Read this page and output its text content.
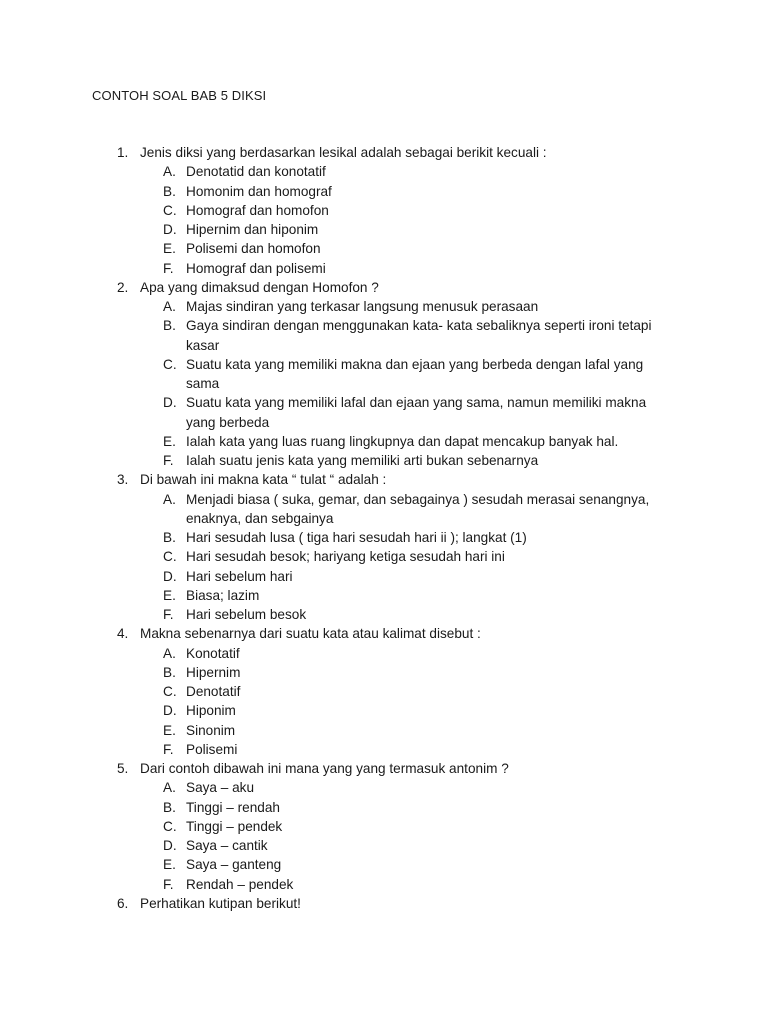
CONTOH SOAL BAB 5 DIKSI
1. Jenis diksi yang berdasarkan lesikal adalah sebagai berikit kecuali :
A. Denotatid dan konotatif
B. Homonim dan homograf
C. Homograf dan homofon
D. Hipernim dan hiponim
E. Polisemi dan homofon
F. Homograf dan polisemi
2. Apa yang dimaksud dengan Homofon ?
A. Majas sindiran yang terkasar langsung menusuk perasaan
B. Gaya sindiran dengan menggunakan kata- kata sebaliknya seperti ironi tetapi
kasar
C. Suatu kata yang memiliki makna dan ejaan yang berbeda dengan lafal yang
sama
D. Suatu kata yang memiliki lafal dan ejaan yang sama, namun memiliki makna
yang berbeda
E. Ialah kata yang luas ruang lingkupnya dan dapat mencakup banyak hal.
F. Ialah suatu jenis kata yang memiliki arti bukan sebenarnya
3. Di bawah ini makna kata “ tulat “ adalah :
A. Menjadi biasa ( suka, gemar, dan sebagainya ) sesudah merasai senangnya,
enaknya, dan sebgainya
B. Hari sesudah lusa ( tiga hari sesudah hari ii ); langkat (1)
C. Hari sesudah besok; hariyang ketiga sesudah hari ini
D. Hari sebelum hari
E. Biasa; lazim
F. Hari sebelum besok
4. Makna sebenarnya dari suatu kata atau kalimat disebut :
A. Konotatif
B. Hipernim
C. Denotatif
D. Hiponim
E. Sinonim
F. Polisemi
5. Dari contoh dibawah ini mana yang yang termasuk antonim ?
A. Saya – aku
B. Tinggi – rendah
C. Tinggi – pendek
D. Saya – cantik
E. Saya – ganteng
F. Rendah – pendek
6. Perhatikan kutipan berikut!
